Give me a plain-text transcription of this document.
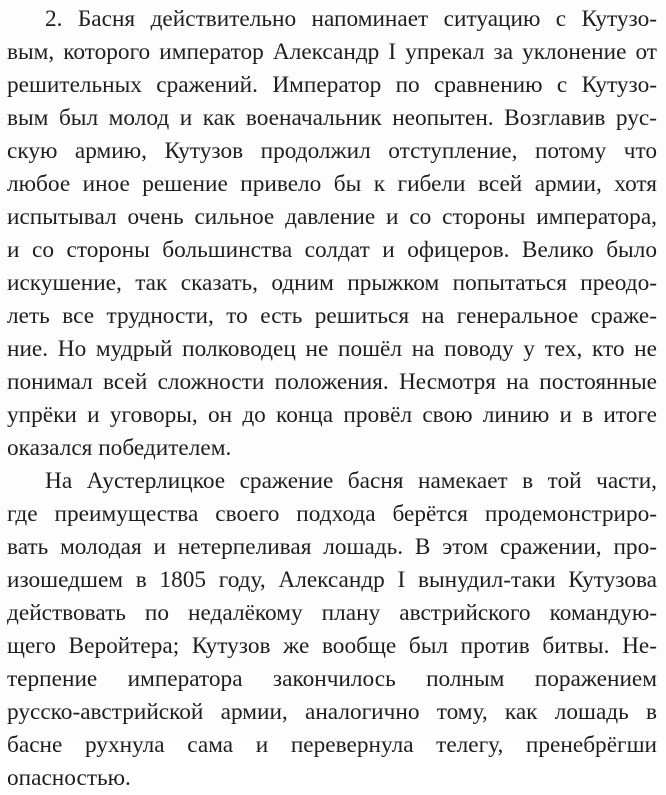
2. Басня действительно напоминает ситуацию с Кутузо-
вым, которого император Александр I упрекал за уклонение от
решительных сражений. Император по сравнению с Кутузо-
вым был молод и как военачальник неопытен. Возглавив рус-
скую армию, Кутузов продолжил отступление, потому что
любое иное решение привело бы к гибели всей армии, хотя
испытывал очень сильное давление и со стороны императора,
и со стороны большинства солдат и офицеров. Велико было
искушение, так сказать, одним прыжком попытаться преодо-
леть все трудности, то есть решиться на генеральное сраже-
ние. Но мудрый полководец не пошёл на поводу у тех, кто не
понимал всей сложности положения. Несмотря на постоянные
упрёки и уговоры, он до конца провёл свою линию и в итоге
оказался победителем.
На Аустерлицкое сражение басня намекает в той части,
где преимущества своего подхода берётся продемонстриро-
вать молодая и нетерпеливая лошадь. В этом сражении, про-
изошедшем в 1805 году, Александр I вынудил-таки Кутузова
действовать по недалёкому плану австрийского командую-
щего Веройтера; Кутузов же вообще был против битвы. Не-
терпение императора закончилось полным поражением
русско-австрийской армии, аналогично тому, как лошадь в
басне рухнула сама и перевернула телегу, пренебрёгши
опасностью.
